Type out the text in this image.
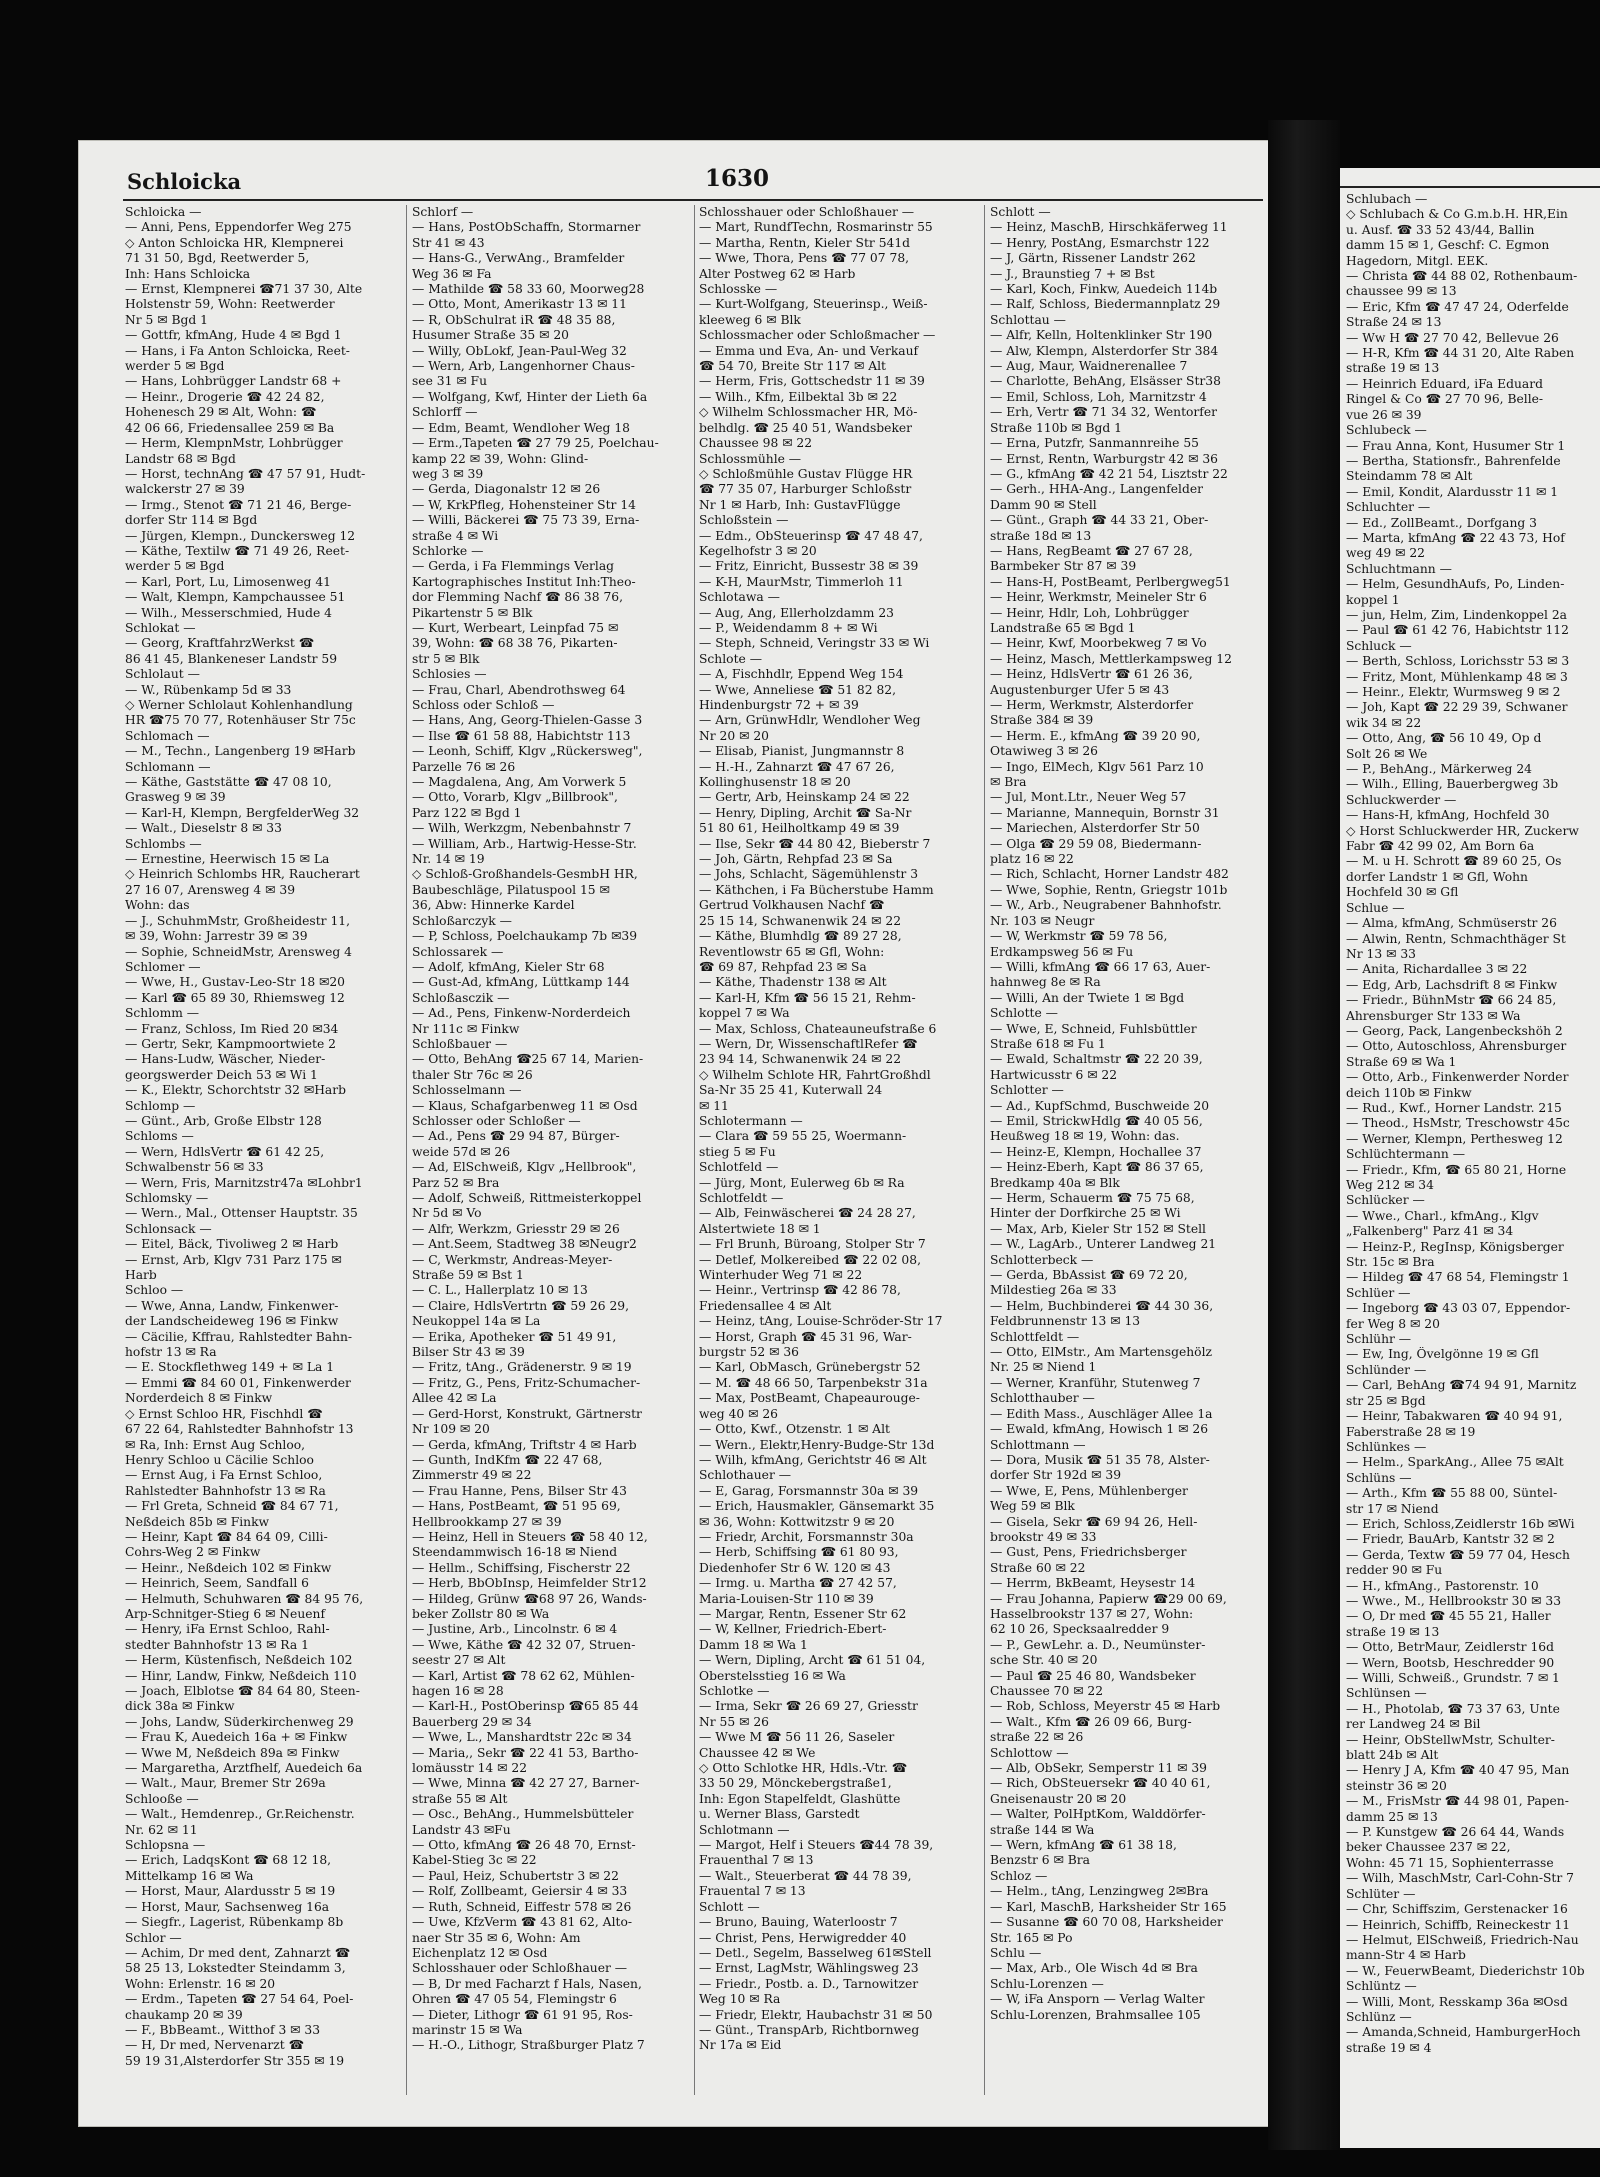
Schloicka	1630
Schloicka —
— Anni, Pens, Eppendorfer Weg 275
◇ Anton Schloicka HR, Klempnerei
71 31 50, Bgd, Reetwerder 5,
Inh: Hans Schloicka
— Ernst, Klempnerei ☎71 37 30, Alte
Holstenstr 59, Wohn: Reetwerder
Nr 5 ✉ Bgd 1
— Gottfr, kfmAng, Hude 4 ✉ Bgd 1
— Hans, i Fa Anton Schloicka, Reet-
werder 5 ✉ Bgd
— Hans, Lohbrügger Landstr 68 +
— Heinr., Drogerie ☎ 42 24 82,
Hohenesch 29 ✉ Alt, Wohn: ☎
42 06 66, Friedensallee 259 ✉ Ba
— Herm, KlempnMstr, Lohbrügger
Landstr 68 ✉ Bgd
— Horst, technAng ☎ 47 57 91, Hudt-
walckerstr 27 ✉ 39
— Irmg., Stenot ☎ 71 21 46, Berge-
dorfer Str 114 ✉ Bgd
— Jürgen, Klempn., Dunckersweg 12
— Käthe, Textilw ☎ 71 49 26, Reet-
werder 5 ✉ Bgd
— Karl, Port, Lu, Limosenweg 41
— Walt, Klempn, Kampchaussee 51
— Wilh., Messerschmied, Hude 4
Schlokat —
— Georg, KraftfahrzWerkst ☎
86 41 45, Blankeneser Landstr 59
Schlolaut —
— W., Rübenkamp 5d ✉ 33
◇ Werner Schlolaut Kohlenhandlung
HR ☎75 70 77, Rotenhäuser Str 75c
Schlomach —
— M., Techn., Langenberg 19 ✉Harb
Schlomann —
— Käthe, Gaststätte ☎ 47 08 10,
Grasweg 9 ✉ 39
— Karl-H, Klempn, BergfelderWeg 32
— Walt., Dieselstr 8 ✉ 33
Schlombs —
— Ernestine, Heerwisch 15 ✉ La
◇ Heinrich Schlombs HR, Raucherart
27 16 07, Arensweg 4 ✉ 39
Wohn: das
— J., SchuhmMstr, Großheidestr 11,
✉ 39, Wohn: Jarrestr 39 ✉ 39
— Sophie, SchneidMstr, Arensweg 4
Schlomer —
— Wwe, H., Gustav-Leo-Str 18 ✉20
— Karl ☎ 65 89 30, Rhiemsweg 12
Schlomm —
— Franz, Schloss, Im Ried 20 ✉34
— Gertr, Sekr, Kampmoortwiete 2
— Hans-Ludw, Wäscher, Nieder-
georgswerder Deich 53 ✉ Wi 1
— K., Elektr, Schorchtstr 32 ✉Harb
Schlomp —
— Günt., Arb, Große Elbstr 128
Schloms —
— Wern, HdlsVertr ☎ 61 42 25,
Schwalbenstr 56 ✉ 33
— Wern, Fris, Marnitzstr47a ✉Lohbr1
Schlomsky —
— Wern., Mal., Ottenser Hauptstr. 35
Schlonsack —
— Eitel, Bäck, Tivoliweg 2 ✉ Harb
— Ernst, Arb, Klgv 731 Parz 175 ✉
Harb
Schloo —
— Wwe, Anna, Landw, Finkenwer-
der Landscheideweg 196 ✉ Finkw
— Cäcilie, Kffrau, Rahlstedter Bahn-
hofstr 13 ✉ Ra
— E. Stockflethweg 149 + ✉ La 1
— Emmi ☎ 84 60 01, Finkenwerder
Norderdeich 8 ✉ Finkw
◇ Ernst Schloo HR, Fischhdl ☎
67 22 64, Rahlstedter Bahnhofstr 13
✉ Ra, Inh: Ernst Aug Schloo,
Henry Schloo u Cäcilie Schloo
— Ernst Aug, i Fa Ernst Schloo,
Rahlstedter Bahnhofstr 13 ✉ Ra
— Frl Greta, Schneid ☎ 84 67 71,
Neßdeich 85b ✉ Finkw
— Heinr, Kapt ☎ 84 64 09, Cilli-
Cohrs-Weg 2 ✉ Finkw
— Heinr., Neßdeich 102 ✉ Finkw
— Heinrich, Seem, Sandfall 6
— Helmuth, Schuhwaren ☎ 84 95 76,
Arp-Schnitger-Stieg 6 ✉ Neuenf
— Henry, iFa Ernst Schloo, Rahl-
stedter Bahnhofstr 13 ✉ Ra 1
— Herm, Küstenfisch, Neßdeich 102
— Hinr, Landw, Finkw, Neßdeich 110
— Joach, Elblotse ☎ 84 64 80, Steen-
dick 38a ✉ Finkw
— Johs, Landw, Süderkirchenweg 29
— Frau K, Auedeich 16a + ✉ Finkw
— Wwe M, Neßdeich 89a ✉ Finkw
— Margaretha, Arztfhelf, Auedeich 6a
— Walt., Maur, Bremer Str 269a
Schlooße —
— Walt., Hemdenrep., Gr.Reichenstr.
Nr. 62 ✉ 11
Schlopsna —
— Erich, LadqsKont ☎ 68 12 18,
Mittelkamp 16 ✉ Wa
— Horst, Maur, Alardusstr 5 ✉ 19
— Horst, Maur, Sachsenweg 16a
— Siegfr., Lagerist, Rübenkamp 8b
Schlor —
— Achim, Dr med dent, Zahnarzt ☎
58 25 13, Lokstedter Steindamm 3,
Wohn: Erlenstr. 16 ✉ 20
— Erdm., Tapeten ☎ 27 54 64, Poel-
chaukamp 20 ✉ 39
— F., BbBeamt., Witthof 3 ✉ 33
— H, Dr med, Nervenarzt ☎
59 19 31,Alsterdorfer Str 355 ✉ 19
Schlorf —
— Hans, PostObSchaffn, Stormarner
Str 41 ✉ 43
— Hans-G., VerwAng., Bramfelder
Weg 36 ✉ Fa
— Mathilde ☎ 58 33 60, Moorweg28
— Otto, Mont, Amerikastr 13 ✉ 11
— R, ObSchulrat iR ☎ 48 35 88,
Husumer Straße 35 ✉ 20
— Willy, ObLokf, Jean-Paul-Weg 32
— Wern, Arb, Langenhorner Chaus-
see 31 ✉ Fu
— Wolfgang, Kwf, Hinter der Lieth 6a
Schlorff —
— Edm, Beamt, Wendloher Weg 18
— Erm.,Tapeten ☎ 27 79 25, Poelchau-
kamp 22 ✉ 39, Wohn: Glind-
weg 3 ✉ 39
— Gerda, Diagonalstr 12 ✉ 26
— W, KrkPfleg, Hohensteiner Str 14
— Willi, Bäckerei ☎ 75 73 39, Erna-
straße 4 ✉ Wi
Schlorke —
— Gerda, i Fa Flemmings Verlag
Kartographisches Institut Inh:Theo-
dor Flemming Nachf ☎ 86 38 76,
Pikartenstr 5 ✉ Blk
— Kurt, Werbeart, Leinpfad 75 ✉
39, Wohn: ☎ 68 38 76, Pikarten-
str 5 ✉ Blk
Schlosies —
— Frau, Charl, Abendrothsweg 64
Schloss oder Schloß —
— Hans, Ang, Georg-Thielen-Gasse 3
— Ilse ☎ 61 58 88, Habichtstr 113
— Leonh, Schiff, Klgv „Rückersweg",
Parzelle 76 ✉ 26
— Magdalena, Ang, Am Vorwerk 5
— Otto, Vorarb, Klgv „Billbrook",
Parz 122 ✉ Bgd 1
— Wilh, Werkzgm, Nebenbahnstr 7
— William, Arb., Hartwig-Hesse-Str.
Nr. 14 ✉ 19
◇ Schloß-Großhandels-GesmbH HR,
Baubeschläge, Pilatuspool 15 ✉
36, Abw: Hinnerke Kardel
Schloßarczyk —
— P, Schloss, Poelchaukamp 7b ✉39
Schlossarek —
— Adolf, kfmAng, Kieler Str 68
— Gust-Ad, kfmAng, Lüttkamp 144
Schloßasczik —
— Ad., Pens, Finkenw-Norderdeich
Nr 111c ✉ Finkw
Schloßbauer —
— Otto, BehAng ☎25 67 14, Marien-
thaler Str 76c ✉ 26
Schlosselmann —
— Klaus, Schafgarbenweg 11 ✉ Osd
Schlosser oder Schloßer —
— Ad., Pens ☎ 29 94 87, Bürger-
weide 57d ✉ 26
— Ad, ElSchweiß, Klgv „Hellbrook",
Parz 52 ✉ Bra
— Adolf, Schweiß, Rittmeisterkoppel
Nr 5d ✉ Vo
— Alfr, Werkzm, Griesstr 29 ✉ 26
— Ant.Seem, Stadtweg 38 ✉Neugr2
— C, Werkmstr, Andreas-Meyer-
Straße 59 ✉ Bst 1
— C. L., Hallerplatz 10 ✉ 13
— Claire, HdlsVertrtn ☎ 59 26 29,
Neukoppel 14a ✉ La
— Erika, Apotheker ☎ 51 49 91,
Bilser Str 43 ✉ 39
— Fritz, tAng., Grädenerstr. 9 ✉ 19
— Fritz, G., Pens, Fritz-Schumacher-
Allee 42 ✉ La
— Gerd-Horst, Konstrukt, Gärtnerstr
Nr 109 ✉ 20
— Gerda, kfmAng, Triftstr 4 ✉ Harb
— Gunth, IndKfm ☎ 22 47 68,
Zimmerstr 49 ✉ 22
— Frau Hanne, Pens, Bilser Str 43
— Hans, PostBeamt, ☎ 51 95 69,
Hellbrookkamp 27 ✉ 39
— Heinz, Hell in Steuers ☎ 58 40 12,
Steendammwisch 16-18 ✉ Niend
— Hellm., Schiffsing, Fischerstr 22
— Herb, BbObInsp, Heimfelder Str12
— Hildeg, Grünw ☎68 97 26, Wands-
beker Zollstr 80 ✉ Wa
— Justine, Arb., Lincolnstr. 6 ✉ 4
— Wwe, Käthe ☎ 42 32 07, Struen-
seestr 27 ✉ Alt
— Karl, Artist ☎ 78 62 62, Mühlen-
hagen 16 ✉ 28
— Karl-H., PostOberinsp ☎65 85 44
Bauerberg 29 ✉ 34
— Wwe, L., Manshardtstr 22c ✉ 34
— Maria,, Sekr ☎ 22 41 53, Bartho-
lomäusstr 14 ✉ 22
— Wwe, Minna ☎ 42 27 27, Barner-
straße 55 ✉ Alt
— Osc., BehAng., Hummelsbütteler
Landstr 43 ✉Fu
— Otto, kfmAng ☎ 26 48 70, Ernst-
Kabel-Stieg 3c ✉ 22
— Paul, Heiz, Schubertstr 3 ✉ 22
— Rolf, Zollbeamt, Geiersir 4 ✉ 33
— Ruth, Schneid, Eiffestr 578 ✉ 26
— Uwe, KfzVerm ☎ 43 81 62, Alto-
naer Str 35 ✉ 6, Wohn: Am
Eichenplatz 12 ✉ Osd
Schlosshauer oder Schloßhauer —
— B, Dr med Facharzt f Hals, Nasen,
Ohren ☎ 47 05 54, Flemingstr 6
— Dieter, Lithogr ☎ 61 91 95, Ros-
marinstr 15 ✉ Wa
— H.-O., Lithogr, Straßburger Platz 7
Schlosshauer oder Schloßhauer —
— Mart, RundfTechn, Rosmarinstr 55
— Martha, Rentn, Kieler Str 541d
— Wwe, Thora, Pens ☎ 77 07 78,
Alter Postweg 62 ✉ Harb
Schlosske —
— Kurt-Wolfgang, Steuerinsp., Weiß-
kleeweg 6 ✉ Blk
Schlossmacher oder Schloßmacher —
— Emma und Eva, An- und Verkauf
☎ 54 70, Breite Str 117 ✉ Alt
— Herm, Fris, Gottschedstr 11 ✉ 39
— Wilh., Kfm, Eilbektal 3b ✉ 22
◇ Wilhelm Schlossmacher HR, Mö-
belhdlg. ☎ 25 40 51, Wandsbeker
Chaussee 98 ✉ 22
Schlossmühle —
◇ Schloßmühle Gustav Flügge HR
☎ 77 35 07, Harburger Schloßstr
Nr 1 ✉ Harb, Inh: GustavFlügge
Schloßstein —
— Edm., ObSteuerinsp ☎ 47 48 47,
Kegelhofstr 3 ✉ 20
— Fritz, Einricht, Bussestr 38 ✉ 39
— K-H, MaurMstr, Timmerloh 11
Schlotawa —
— Aug, Ang, Ellerholzdamm 23
— P., Weidendamm 8 + ✉ Wi
— Steph, Schneid, Veringstr 33 ✉ Wi
Schlote —
— A, Fischhdlr, Eppend Weg 154
— Wwe, Anneliese ☎ 51 82 82,
Hindenburgstr 72 + ✉ 39
— Arn, GrünwHdlr, Wendloher Weg
Nr 20 ✉ 20
— Elisab, Pianist, Jungmannstr 8
— H.-H., Zahnarzt ☎ 47 67 26,
Kollinghusenstr 18 ✉ 20
— Gertr, Arb, Heinskamp 24 ✉ 22
— Henry, Dipling, Archit ☎ Sa-Nr
51 80 61, Heilholtkamp 49 ✉ 39
— Ilse, Sekr ☎ 44 80 42, Bieberstr 7
— Joh, Gärtn, Rehpfad 23 ✉ Sa
— Johs, Schlacht, Sägemühlenstr 3
— Käthchen, i Fa Bücherstube Hamm
Gertrud Volkhausen Nachf ☎
25 15 14, Schwanenwik 24 ✉ 22
— Käthe, Blumhdlg ☎ 89 27 28,
Reventlowstr 65 ✉ Gfl, Wohn:
☎ 69 87, Rehpfad 23 ✉ Sa
— Käthe, Thadenstr 138 ✉ Alt
— Karl-H, Kfm ☎ 56 15 21, Rehm-
koppel 7 ✉ Wa
— Max, Schloss, Chateauneufstraße 6
— Wern, Dr, WissenschaftlRefer ☎
23 94 14, Schwanenwik 24 ✉ 22
◇ Wilhelm Schlote HR, FahrtGroßhdl
Sa-Nr 35 25 41, Kuterwall 24
✉ 11
Schlotermann —
— Clara ☎ 59 55 25, Woermann-
stieg 5 ✉ Fu
Schlotfeld —
— Jürg, Mont, Eulerweg 6b ✉ Ra
Schlotfeldt —
— Alb, Feinwäscherei ☎ 24 28 27,
Alstertwiete 18 ✉ 1
— Frl Brunh, Büroang, Stolper Str 7
— Detlef, Molkereibed ☎ 22 02 08,
Winterhuder Weg 71 ✉ 22
— Heinr., Vertrinsp ☎ 42 86 78,
Friedensallee 4 ✉ Alt
— Heinz, tAng, Louise-Schröder-Str 17
— Horst, Graph ☎ 45 31 96, War-
burgstr 52 ✉ 36
— Karl, ObMasch, Grünebergstr 52
— M. ☎ 48 66 50, Tarpenbekstr 31a
— Max, PostBeamt, Chapeaurouge-
weg 40 ✉ 26
— Otto, Kwf., Otzenstr. 1 ✉ Alt
— Wern., Elektr,Henry-Budge-Str 13d
— Wilh, kfmAng, Gerichtstr 46 ✉ Alt
Schlothauer —
— E, Garag, Forsmannstr 30a ✉ 39
— Erich, Hausmakler, Gänsemarkt 35
✉ 36, Wohn: Kottwitzstr 9 ✉ 20
— Friedr, Archit, Forsmannstr 30a
— Herb, Schiffsing ☎ 61 80 93,
Diedenhofer Str 6 W. 120 ✉ 43
— Irmg. u. Martha ☎ 27 42 57,
Maria-Louisen-Str 110 ✉ 39
— Margar, Rentn, Essener Str 62
— W, Kellner, Friedrich-Ebert-
Damm 18 ✉ Wa 1
— Wern, Dipling, Archt ☎ 61 51 04,
Oberstelsstieg 16 ✉ Wa
Schlotke —
— Irma, Sekr ☎ 26 69 27, Griesstr
Nr 55 ✉ 26
— Wwe M ☎ 56 11 26, Saseler
Chaussee 42 ✉ We
◇ Otto Schlotke HR, Hdls.-Vtr. ☎
33 50 29, Mönckebergstraße1,
Inh: Egon Stapelfeldt, Glashütte
u. Werner Blass, Garstedt
Schlotmann —
— Margot, Helf i Steuers ☎44 78 39,
Frauenthal 7 ✉ 13
— Walt., Steuerberat ☎ 44 78 39,
Frauental 7 ✉ 13
Schlott —
— Bruno, Bauing, Waterloostr 7
— Christ, Pens, Herwigredder 40
— Detl., Segelm, Basselweg 61✉Stell
— Ernst, LagMstr, Wählingsweg 23
— Friedr., Postb. a. D., Tarnowitzer
Weg 10 ✉ Ra
— Friedr, Elektr, Haubachstr 31 ✉ 50
— Günt., TranspArb, Richtbornweg
Nr 17a ✉ Eid
Schlott —
— Heinz, MaschB, Hirschkäferweg 11
— Henry, PostAng, Esmarchstr 122
— J, Gärtn, Rissener Landstr 262
— J., Braunstieg 7 + ✉ Bst
— Karl, Koch, Finkw, Auedeich 114b
— Ralf, Schloss, Biedermannplatz 29
Schlottau —
— Alfr, Kelln, Holtenklinker Str 190
— Alw, Klempn, Alsterdorfer Str 384
— Aug, Maur, Waidnerenallee 7
— Charlotte, BehAng, Elsässer Str38
— Emil, Schloss, Loh, Marnitzstr 4
— Erh, Vertr ☎ 71 34 32, Wentorfer
Straße 110b ✉ Bgd 1
— Erna, Putzfr, Sanmannreihe 55
— Ernst, Rentn, Warburgstr 42 ✉ 36
— G., kfmAng ☎ 42 21 54, Lisztstr 22
— Gerh., HHA-Ang., Langenfelder
Damm 90 ✉ Stell
— Günt., Graph ☎ 44 33 21, Ober-
straße 18d ✉ 13
— Hans, RegBeamt ☎ 27 67 28,
Barmbeker Str 87 ✉ 39
— Hans-H, PostBeamt, Perlbergweg51
— Heinr, Werkmstr, Meineler Str 6
— Heinr, Hdlr, Loh, Lohbrügger
Landstraße 65 ✉ Bgd 1
— Heinr, Kwf, Moorbekweg 7 ✉ Vo
— Heinz, Masch, Mettlerkampsweg 12
— Heinz, HdlsVertr ☎ 61 26 36,
Augustenburger Ufer 5 ✉ 43
— Herm, Werkmstr, Alsterdorfer
Straße 384 ✉ 39
— Herm. E., kfmAng ☎ 39 20 90,
Otawiweg 3 ✉ 26
— Ingo, ElMech, Klgv 561 Parz 10
✉ Bra
— Jul, Mont.Ltr., Neuer Weg 57
— Marianne, Mannequin, Bornstr 31
— Mariechen, Alsterdorfer Str 50
— Olga ☎ 29 59 08, Biedermann-
platz 16 ✉ 22
— Rich, Schlacht, Horner Landstr 482
— Wwe, Sophie, Rentn, Griegstr 101b
— W., Arb., Neugrabener Bahnhofstr.
Nr. 103 ✉ Neugr
— W, Werkmstr ☎ 59 78 56,
Erdkampsweg 56 ✉ Fu
— Willi, kfmAng ☎ 66 17 63, Auer-
hahnweg 8e ✉ Ra
— Willi, An der Twiete 1 ✉ Bgd
Schlotte —
— Wwe, E, Schneid, Fuhlsbüttler
Straße 618 ✉ Fu 1
— Ewald, Schaltmstr ☎ 22 20 39,
Hartwicusstr 6 ✉ 22
Schlotter —
— Ad., KupfSchmd, Buschweide 20
— Emil, StrickwHdlg ☎ 40 05 56,
Heußweg 18 ✉ 19, Wohn: das.
— Heinz-E, Klempn, Hochallee 37
— Heinz-Eberh, Kapt ☎ 86 37 65,
Bredkamp 40a ✉ Blk
— Herm, Schauerm ☎ 75 75 68,
Hinter der Dorfkirche 25 ✉ Wi
— Max, Arb, Kieler Str 152 ✉ Stell
— W., LagArb., Unterer Landweg 21
Schlotterbeck —
— Gerda, BbAssist ☎ 69 72 20,
Mildestieg 26a ✉ 33
— Helm, Buchbinderei ☎ 44 30 36,
Feldbrunnenstr 13 ✉ 13
Schlottfeldt —
— Otto, ElMstr., Am Martensgehölz
Nr. 25 ✉ Niend 1
— Werner, Kranführ, Stutenweg 7
Schlotthauber —
— Edith Mass., Auschläger Allee 1a
— Ewald, kfmAng, Howisch 1 ✉ 26
Schlottmann —
— Dora, Musik ☎ 51 35 78, Alster-
dorfer Str 192d ✉ 39
— Wwe, E, Pens, Mühlenberger
Weg 59 ✉ Blk
— Gisela, Sekr ☎ 69 94 26, Hell-
brookstr 49 ✉ 33
— Gust, Pens, Friedrichsberger
Straße 60 ✉ 22
— Herrm, BkBeamt, Heysestr 14
— Frau Johanna, Papierw ☎29 00 69,
Hasselbrookstr 137 ✉ 27, Wohn:
62 10 26, Specksaalredder 9
— P., GewLehr. a. D., Neumünster-
sche Str. 40 ✉ 20
— Paul ☎ 25 46 80, Wandsbeker
Chaussee 70 ✉ 22
— Rob, Schloss, Meyerstr 45 ✉ Harb
— Walt., Kfm ☎ 26 09 66, Burg-
straße 22 ✉ 26
Schlottow —
— Alb, ObSekr, Semperstr 11 ✉ 39
— Rich, ObSteuersekr ☎ 40 40 61,
Gneisenaustr 20 ✉ 20
— Walter, PolHptKom, Walddörfer-
straße 144 ✉ Wa
— Wern, kfmAng ☎ 61 38 18,
Benzstr 6 ✉ Bra
Schloz —
— Helm., tAng, Lenzingweg 2✉Bra
— Karl, MaschB, Harksheider Str 165
— Susanne ☎ 60 70 08, Harksheider
Str. 165 ✉ Po
Schlu —
— Max, Arb., Ole Wisch 4d ✉ Bra
Schlu-Lorenzen —
— W, iFa Ansporn — Verlag Walter
Schlu-Lorenzen, Brahmsallee 105
Schlubach —
◇ Schlubach & Co G.m.b.H. HR,Ein
u. Ausf. ☎ 33 52 43/44, Ballin
damm 15 ✉ 1, Geschf: C. Egmon
Hagedorn, Mitgl. EEK.
— Christa ☎ 44 88 02, Rothenbaum-
chaussee 99 ✉ 13
— Eric, Kfm ☎ 47 47 24, Oderfelde
Straße 24 ✉ 13
— Ww H ☎ 27 70 42, Bellevue 26
— H-R, Kfm ☎ 44 31 20, Alte Raben
straße 19 ✉ 13
— Heinrich Eduard, iFa Eduard
Ringel & Co ☎ 27 70 96, Belle-
vue 26 ✉ 39
Schlubeck —
— Frau Anna, Kont, Husumer Str 1
— Bertha, Stationsfr., Bahrenfelde
Steindamm 78 ✉ Alt
— Emil, Kondit, Alardusstr 11 ✉ 1
Schluchter —
— Ed., ZollBeamt., Dorfgang 3
— Marta, kfmAng ☎ 22 43 73, Hof
weg 49 ✉ 22
Schluchtmann —
— Helm, GesundhAufs, Po, Linden-
koppel 1
— jun, Helm, Zim, Lindenkoppel 2a
— Paul ☎ 61 42 76, Habichtstr 112
Schluck —
— Berth, Schloss, Lorichsstr 53 ✉ 3
— Fritz, Mont, Mühlenkamp 48 ✉ 3
— Heinr., Elektr, Wurmsweg 9 ✉ 2
— Joh, Kapt ☎ 22 29 39, Schwaner
wik 34 ✉ 22
— Otto, Ang, ☎ 56 10 49, Op d
Solt 26 ✉ We
— P., BehAng., Märkerweg 24
— Wilh., Elling, Bauerbergweg 3b
Schluckwerder —
— Hans-H, kfmAng, Hochfeld 30
◇ Horst Schluckwerder HR, Zuckerw
Fabr ☎ 42 99 02, Am Born 6a
— M. u H. Schrott ☎ 89 60 25, Os
dorfer Landstr 1 ✉ Gfl, Wohn
Hochfeld 30 ✉ Gfl
Schlue —
— Alma, kfmAng, Schmüserstr 26
— Alwin, Rentn, Schmachthäger St
Nr 13 ✉ 33
— Anita, Richardallee 3 ✉ 22
— Edg, Arb, Lachsdrift 8 ✉ Finkw
— Friedr., BühnMstr ☎ 66 24 85,
Ahrensburger Str 133 ✉ Wa
— Georg, Pack, Langenbeckshöh 2
— Otto, Autoschloss, Ahrensburger
Straße 69 ✉ Wa 1
— Otto, Arb., Finkenwerder Norder
deich 110b ✉ Finkw
— Rud., Kwf., Horner Landstr. 215
— Theod., HsMstr, Treschowstr 45c
— Werner, Klempn, Perthesweg 12
Schlüchtermann —
— Friedr., Kfm, ☎ 65 80 21, Horne
Weg 212 ✉ 34
Schlücker —
— Wwe., Charl., kfmAng., Klgv
„Falkenberg" Parz 41 ✉ 34
— Heinz-P., RegInsp, Königsberger
Str. 15c ✉ Bra
— Hildeg ☎ 47 68 54, Flemingstr 1
Schlüer —
— Ingeborg ☎ 43 03 07, Eppendor-
fer Weg 8 ✉ 20
Schlühr —
— Ew, Ing, Övelgönne 19 ✉ Gfl
Schlünder —
— Carl, BehAng ☎74 94 91, Marnitz
str 25 ✉ Bgd
— Heinr, Tabakwaren ☎ 40 94 91,
Faberstraße 28 ✉ 19
Schlünkes —
— Helm., SparkAng., Allee 75 ✉Alt
Schlüns —
— Arth., Kfm ☎ 55 88 00, Süntel-
str 17 ✉ Niend
— Erich, Schloss,Zeidlerstr 16b ✉Wi
— Friedr, BauArb, Kantstr 32 ✉ 2
— Gerda, Textw ☎ 59 77 04, Hesch
redder 90 ✉ Fu
— H., kfmAng., Pastorenstr. 10
— Wwe., M., Hellbrookstr 30 ✉ 33
— O, Dr med ☎ 45 55 21, Haller
straße 19 ✉ 13
— Otto, BetrMaur, Zeidlerstr 16d
— Wern, Bootsb, Heschredder 90
— Willi, Schweiß., Grundstr. 7 ✉ 1
Schlünsen —
— H., Photolab, ☎ 73 37 63, Unte
rer Landweg 24 ✉ Bil
— Heinr, ObStellwMstr, Schulter-
blatt 24b ✉ Alt
— Henry J A, Kfm ☎ 40 47 95, Man
steinstr 36 ✉ 20
— M., FrisMstr ☎ 44 98 01, Papen-
damm 25 ✉ 13
— P. Kunstgew ☎ 26 64 44, Wands
beker Chaussee 237 ✉ 22,
Wohn: 45 71 15, Sophienterrasse
— Wilh, MaschMstr, Carl-Cohn-Str 7
Schlüter —
— Chr, Schiffszim, Gerstenacker 16
— Heinrich, Schiffb, Reineckestr 11
— Helmut, ElSchweiß, Friedrich-Nau
mann-Str 4 ✉ Harb
— W., FeuerwBeamt, Diederichstr 10b
Schlüntz —
— Willi, Mont, Resskamp 36a ✉Osd
Schlünz —
— Amanda,Schneid, HamburgerHoch
straße 19 ✉ 4
